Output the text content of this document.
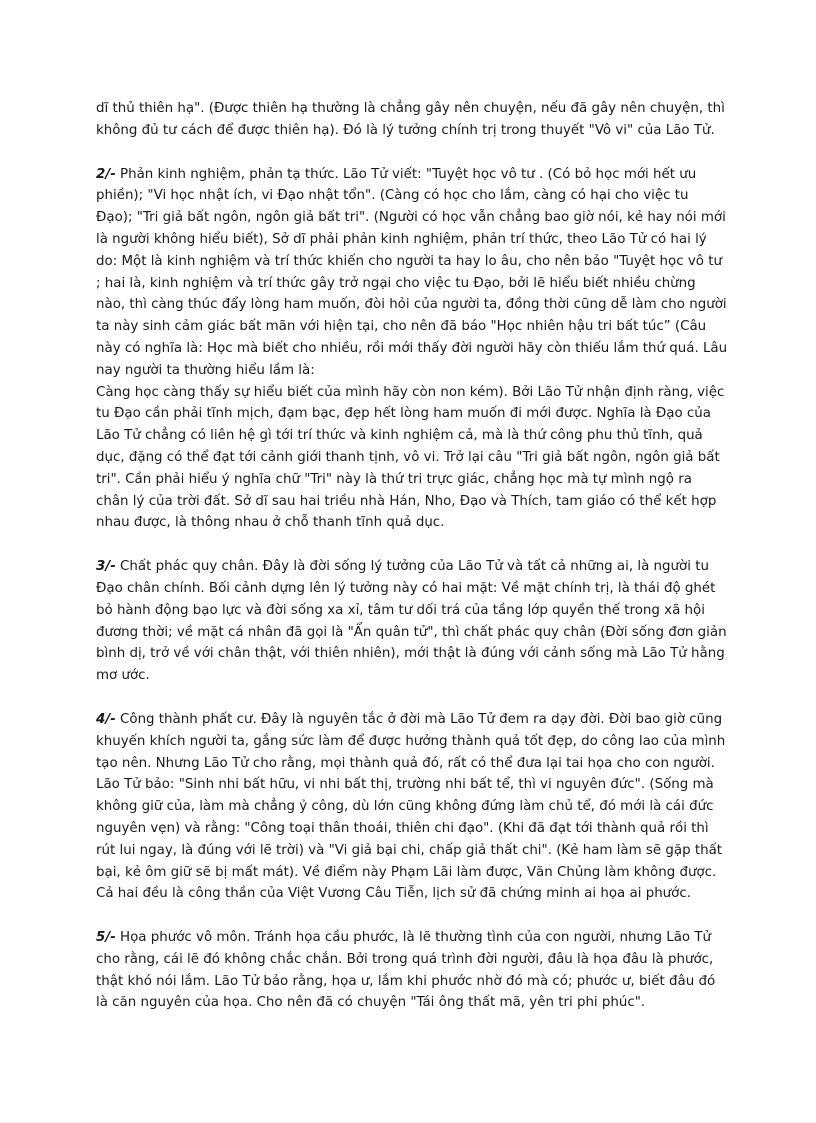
dĩ thủ thiên hạ". (Được thiên hạ thường là chẳng gây nên chuyện, nếu đã gây nên chuyện, thì không đủ tư cách để được thiên hạ). Đó là lý tưởng chính trị trong thuyết "Vô vi" của Lão Tử.

2/- Phản kinh nghiệm, phản tạ thức. Lão Tử viết: "Tuyệt học vô tư . (Có bỏ học mới hết ưu phiền); "Vi học nhật ích, vi Đạo nhật tổn". (Càng có học cho lắm, càng có hại cho việc tu Đạo); "Tri giả bất ngôn, ngôn giả bất tri". (Người có học vẫn chẳng bao giờ nói, kẻ hay nói mới là người không hiểu biết), Sở dĩ phải phản kinh nghiệm, phản trí thức, theo Lão Tử có hai lý do: Một là kinh nghiệm và trí thức khiến cho người ta hay lo âu, cho nên bảo "Tuyệt học vô tư ; hai là, kinh nghiệm và trí thức gây trở ngại cho việc tu Đạo, bởi lẽ hiểu biết nhiều chừng nào, thì càng thúc đẩy lòng ham muốn, đòi hỏi của người ta, đồng thời cũng dễ làm cho người ta này sinh cảm giác bất mãn với hiện tại, cho nên đã báo "Học nhiên hậu tri bất túc” (Câu này có nghĩa là: Học mà biết cho nhiều, rồi mới thấy đời người hãy còn thiếu lắm thứ quá. Lâu nay người ta thường hiểu lầm là:

Càng học càng thấy sự hiểu biết của mình hãy còn non kém). Bởi Lão Tử nhận định ràng, việc tu Đạo cần phải tĩnh mịch, đạm bạc, đẹp hết lòng ham muốn đi mới được. Nghĩa là Đạo của Lão Tử chẳng có liên hệ gì tới trí thức và kinh nghiệm cả, mà là thứ công phu thủ tĩnh, quả dục, đặng có thể đạt tới cảnh giới thanh tịnh, vô vi. Trở lại câu "Tri giả bất ngôn, ngôn giả bất tri". Cần phải hiểu ý nghĩa chữ "Tri" này là thứ tri trực giác, chẳng học mà tự mình ngộ ra chân lý của trời đất. Sở dĩ sau hai triều nhà Hán, Nho, Đạo và Thích, tam giáo có thể kết hợp nhau được, là thông nhau ở chỗ thanh tĩnh quả dục.

3/- Chất phác quy chân. Đây là đời sống lý tưởng của Lão Tử và tất cả những ai, là người tu Đạo chân chính. Bối cảnh dựng lên lý tưởng này có hai mặt: Về mặt chính trị, là thái độ ghét bỏ hành động bạo lực và đời sống xa xỉ, tâm tư dối trá của tầng lớp quyền thế trong xã hội đương thời; về mặt cá nhân đã gọi là "Ẩn quân tử", thì chất phác quy chân (Đời sống đơn giản bình dị, trở về với chân thật, với thiên nhiên), mới thật là đúng với cảnh sống mà Lão Tử hằng mơ ước.

4/- Công thành phất cư. Đây là nguyên tắc ở đời mà Lão Tử đem ra dạy đời. Đời bao giờ cũng khuyến khích người ta, gắng sức làm để được hưởng thành quả tốt đẹp, do công lao của mình tạo nên. Nhưng Lão Tử cho rằng, mọi thành quả đó, rất có thể đưa lại tai họa cho con người. Lão Tử bảo: "Sinh nhi bất hữu, vi nhi bất thị, trường nhi bất tể, thì vi nguyên đức". (Sống mà không giữ của, làm mà chẳng ỷ công, dù lớn cũng không đứng làm chủ tể, đó mới là cái đức nguyên vẹn) và rằng: "Công toại thân thoái, thiên chi đạo". (Khi đã đạt tới thành quả rồi thì rút lui ngay, là đúng với lẽ trời) và "Vi giả bại chi, chấp giả thất chi". (Kẻ ham làm sẽ gặp thất bại, kẻ ôm giữ sẽ bị mất mát). Về điểm này Phạm Lãi làm được, Văn Chủng làm không được. Cả hai đều là công thần của Việt Vương Câu Tiễn, lịch sử đã chứng minh ai họa ai phước.

5/- Họa phước vô môn. Tránh họa cầu phước, là lẽ thường tình của con người, nhưng Lão Tử cho rằng, cái lẽ đó không chắc chắn. Bởi trong quá trình đời người, đâu là họa đâu là phước, thật khó nói lắm. Lão Tử bảo rằng, họa ư, lắm khi phước nhờ đó mà có; phước ư, biết đâu đó là căn nguyên của họa. Cho nên đã có chuyện "Tái ông thất mã, yên tri phi phúc".
